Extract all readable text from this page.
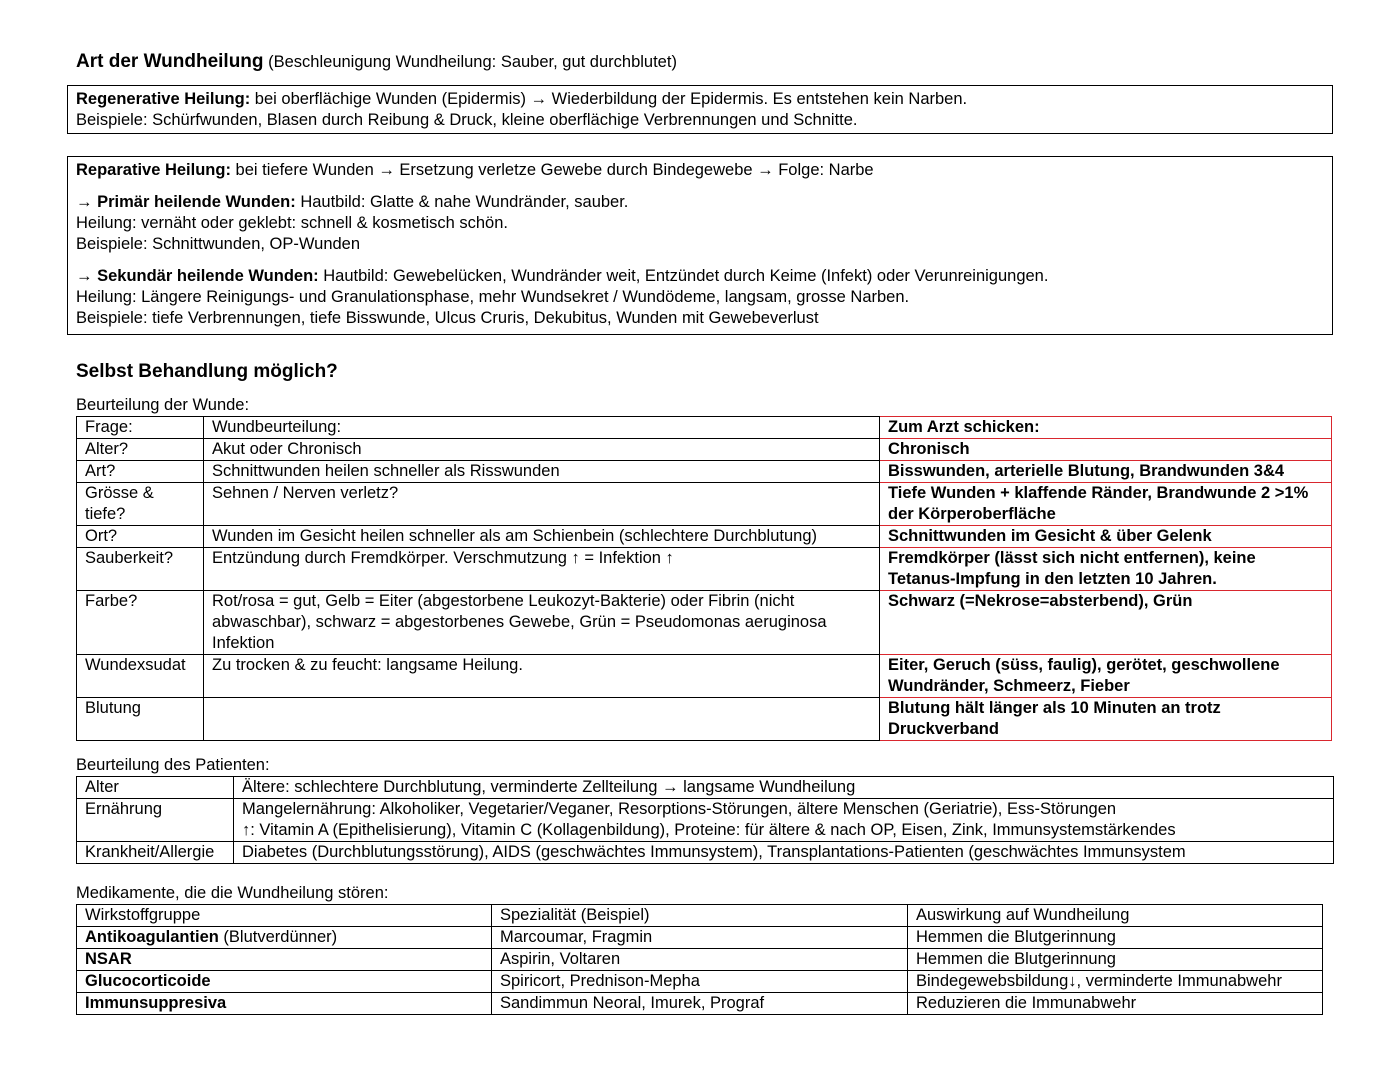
Art der Wundheilung (Beschleunigung Wundheilung: Sauber, gut durchblutet)
Regenerative Heilung: bei oberflächige Wunden (Epidermis) → Wiederbildung der Epidermis. Es entstehen kein Narben.
Beispiele: Schürfwunden, Blasen durch Reibung & Druck, kleine oberflächige Verbrennungen und Schnitte.
Reparative Heilung: bei tiefere Wunden → Ersetzung verletze Gewebe durch Bindegewebe → Folge: Narbe
→ Primär heilende Wunden: Hautbild: Glatte & nahe Wundränder, sauber.
Heilung: vernäht oder geklebt: schnell & kosmetisch schön.
Beispiele: Schnittwunden, OP-Wunden
→ Sekundär heilende Wunden: Hautbild: Gewebelücken, Wundränder weit, Entzündet durch Keime (Infekt) oder Verunreinigungen.
Heilung: Längere Reinigungs- und Granulationsphase, mehr Wundsekret / Wundödeme, langsam, grosse Narben.
Beispiele: tiefe Verbrennungen, tiefe Bisswunde, Ulcus Cruris, Dekubitus, Wunden mit Gewebeverlust
Selbst Behandlung möglich?
Beurteilung der Wunde:
Frage:	Wundbeurteilung:	Zum Arzt schicken:
Alter?	Akut oder Chronisch	Chronisch
Art?	Schnittwunden heilen schneller als Risswunden	Bisswunden, arterielle Blutung, Brandwunden 3&4
Grösse & tiefe?	Sehnen / Nerven verletz?	Tiefe Wunden + klaffende Ränder, Brandwunde 2 >1% der Körperoberfläche
Ort?	Wunden im Gesicht heilen schneller als am Schienbein (schlechtere Durchblutung)	Schnittwunden im Gesicht & über Gelenk
Sauberkeit?	Entzündung durch Fremdkörper. Verschmutzung ↑ = Infektion ↑	Fremdkörper (lässt sich nicht entfernen), keine Tetanus-Impfung in den letzten 10 Jahren.
Farbe?	Rot/rosa = gut, Gelb = Eiter (abgestorbene Leukozyt-Bakterie) oder Fibrin (nicht abwaschbar), schwarz = abgestorbenes Gewebe, Grün = Pseudomonas aeruginosa Infektion	Schwarz (=Nekrose=absterbend), Grün
Wundexsudat	Zu trocken & zu feucht: langsame Heilung.	Eiter, Geruch (süss, faulig), gerötet, geschwollene Wundränder, Schmeerz, Fieber
Blutung		Blutung hält länger als 10 Minuten an trotz Druckverband
Beurteilung des Patienten:
Alter	Ältere: schlechtere Durchblutung, verminderte Zellteilung → langsame Wundheilung
Ernährung	Mangelernährung: Alkoholiker, Vegetarier/Veganer, Resorptions-Störungen, ältere Menschen (Geriatrie), Ess-Störungen
↑: Vitamin A (Epithelisierung), Vitamin C (Kollagenbildung), Proteine: für ältere & nach OP, Eisen, Zink, Immunsystemstärkendes

Krankheit/Allergie	Diabetes (Durchblutungsstörung), AIDS (geschwächtes Immunsystem), Transplantations-Patienten (geschwächtes Immunsystem
Medikamente, die die Wundheilung stören:
Wirkstoffgruppe	Spezialität (Beispiel)	Auswirkung auf Wundheilung
Antikoagulantien (Blutverdünner)	Marcoumar, Fragmin	Hemmen die Blutgerinnung
NSAR	Aspirin, Voltaren	Hemmen die Blutgerinnung
Glucocorticoide	Spiricort, Prednison-Mepha	Bindegewebsbildung↓, verminderte Immunabwehr
Immunsuppresiva	Sandimmun Neoral, Imurek, Prograf	Reduzieren die Immunabwehr
